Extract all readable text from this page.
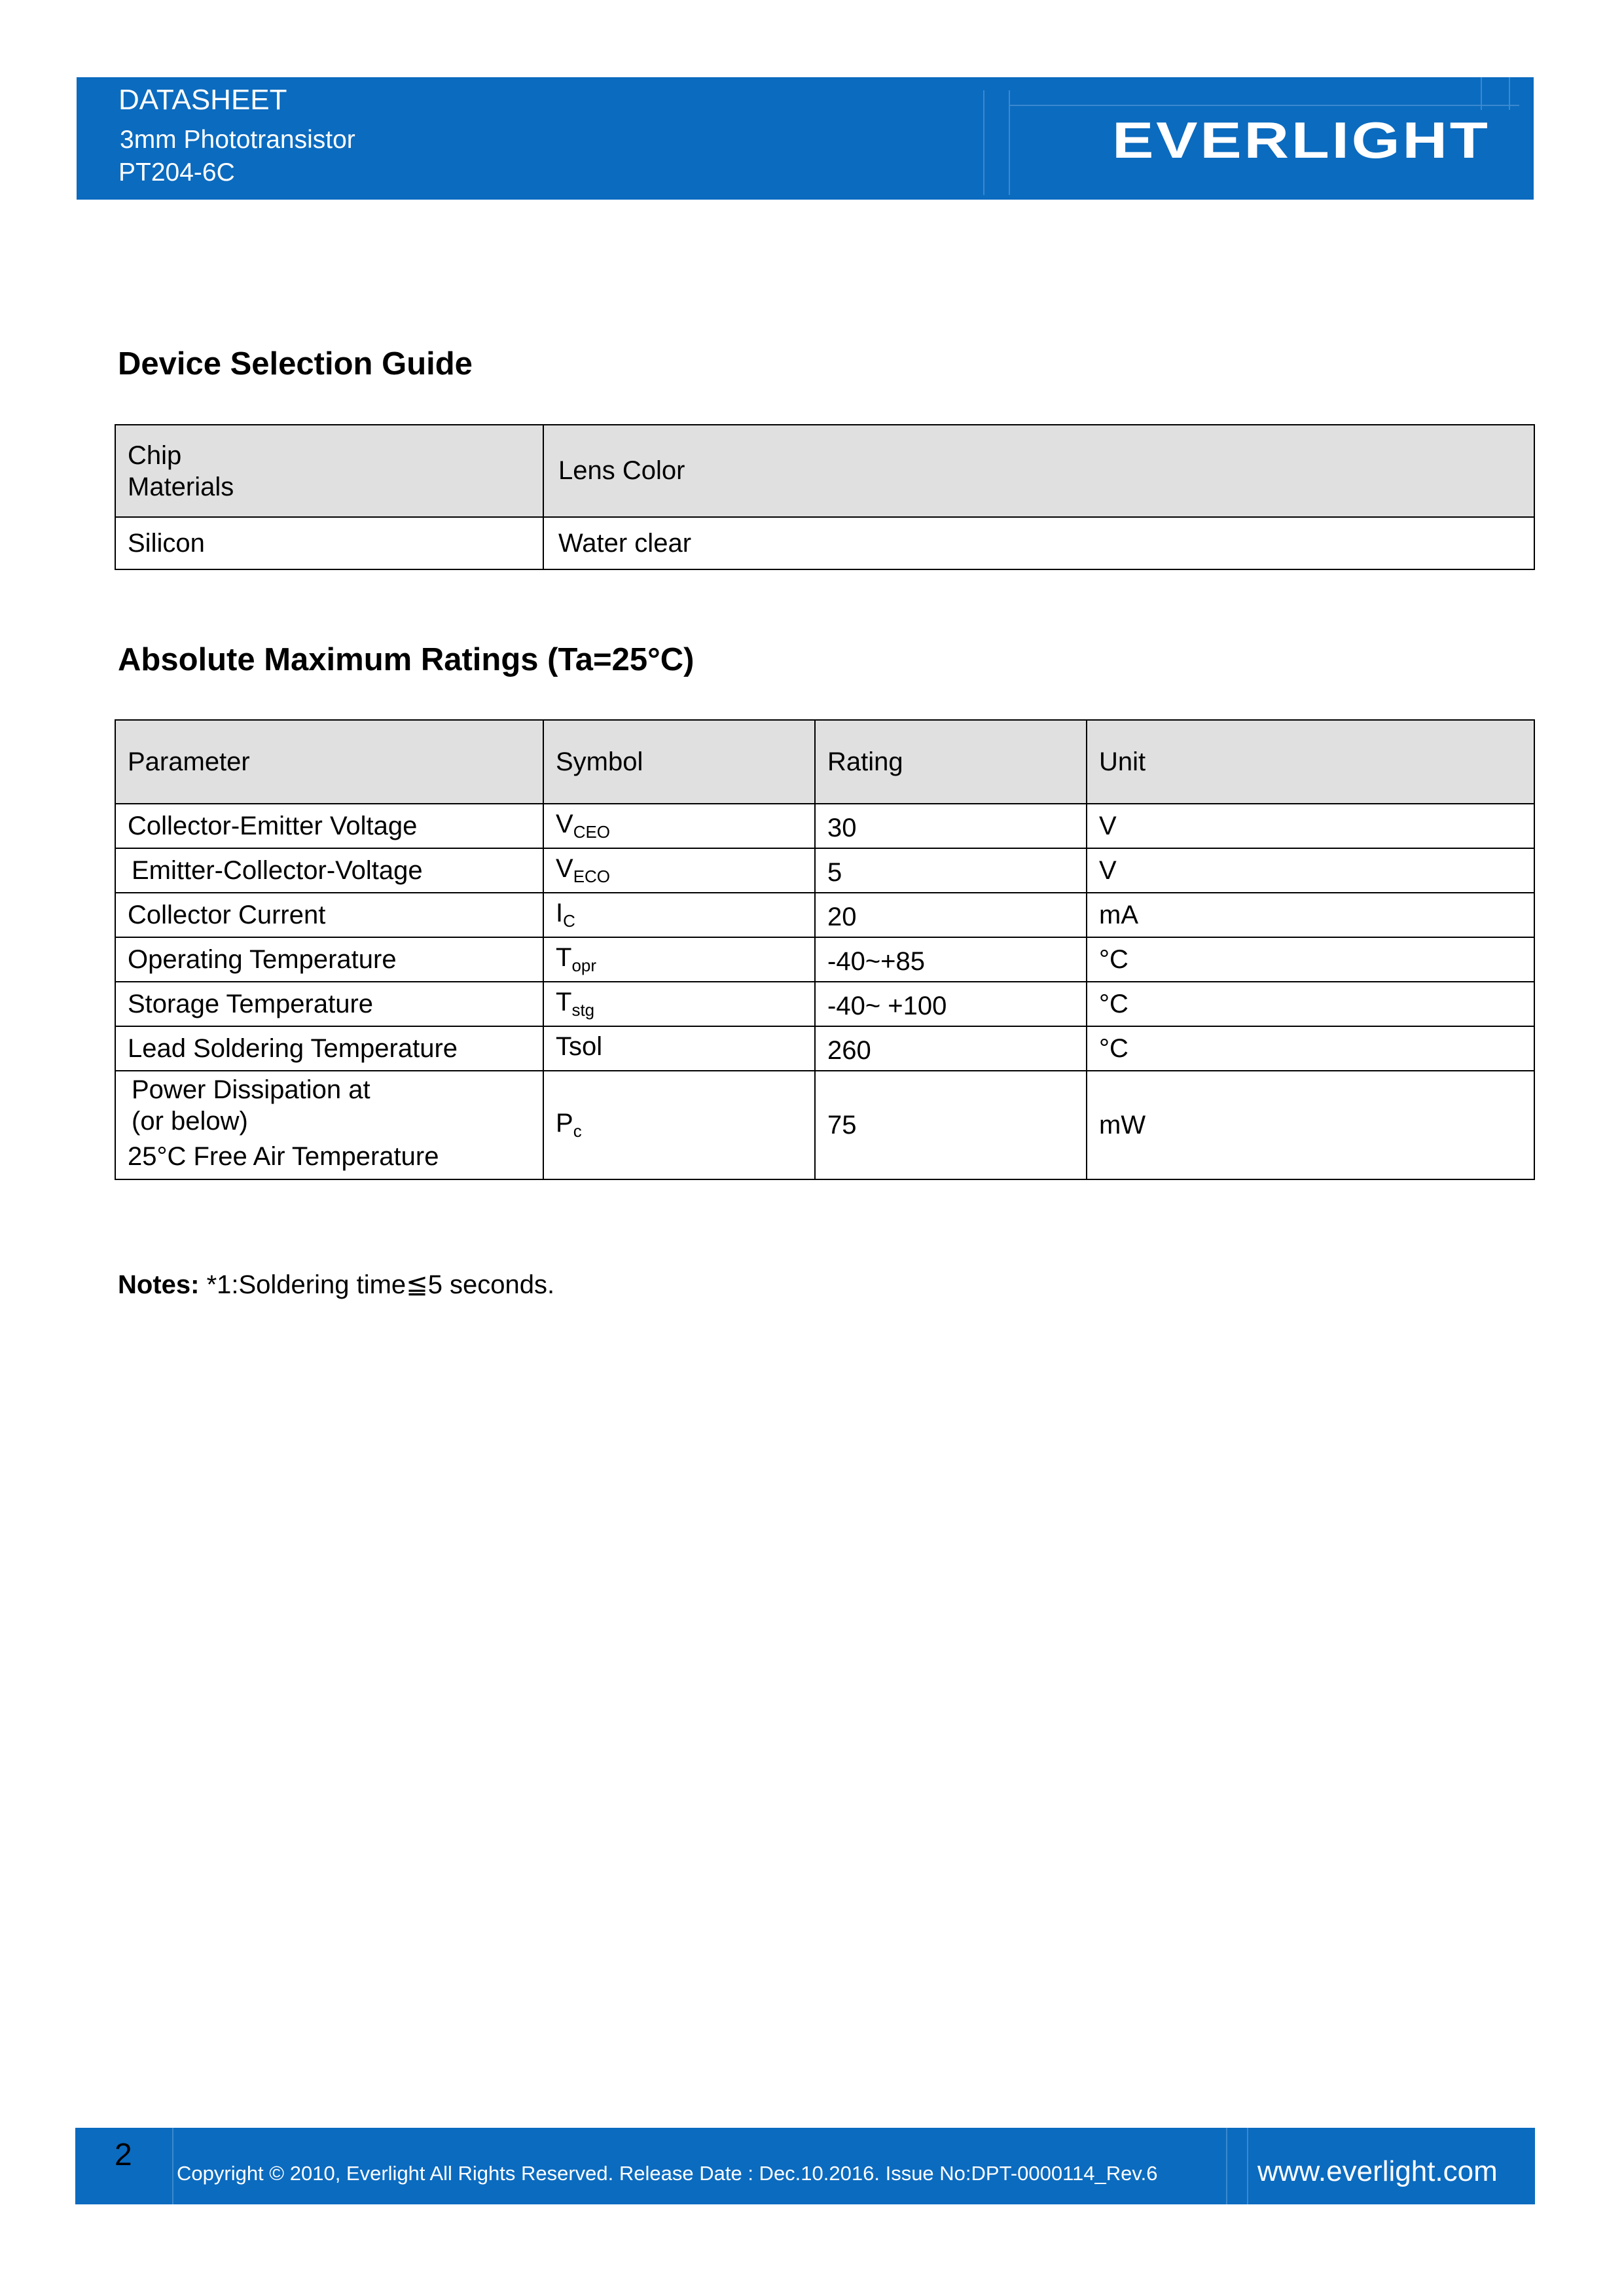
DATASHEET
3mm Phototransistor
PT204-6C
EVERLIGHT
Device Selection Guide
Chip
Materials	Lens Color
Silicon	Water clear
Absolute Maximum Ratings (Ta=25°C)
Parameter	Symbol	Rating	Unit
Collector-Emitter Voltage	$V_{CEO}$	30	V
Emitter-Collector-Voltage	$V_{ECO}$	5	V
Collector Current	$I_C$	20	mA
Operating Temperature	$T_{opr}$	-40~+85	°C
Storage Temperature	$T_{stg}$	-40~ +100	°C
Lead Soldering Temperature	Tsol	260	°C

Power Dissipation at
(or below)
25°C Free Air Temperature	$P_c$	75	mW
Notes: *1:Soldering time≦5 seconds.
2
Copyright © 2010, Everlight All Rights Reserved. Release Date : Dec.10.2016. Issue No:DPT-0000114_Rev.6	www.everlight.com
